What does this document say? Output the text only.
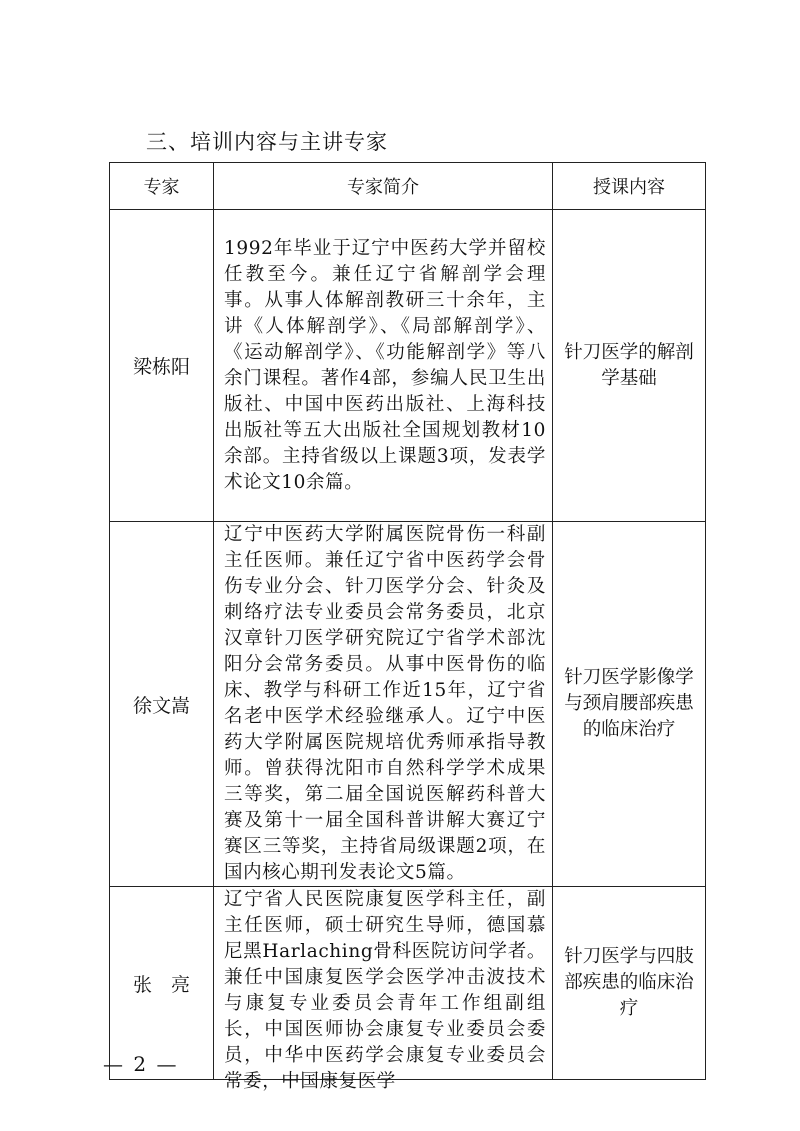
三、培训内容与主讲专家
专家	专家简介	授课内容
梁栋阳	1992年毕业于辽宁中医药大学并留校任教至今。兼任辽宁省解剖学会理事。从事人体解剖教研三十余年，主讲《人体解剖学》、《局部解剖学》、《运动解剖学》、《功能解剖学》等八余门课程。著作4部，参编人民卫生出版社、中国中医药出版社、上海科技出版社等五大出版社全国规划教材10余部。主持省级以上课题3项，发表学术论文10余篇。	针刀医学的解剖学基础
徐文嵩	辽宁中医药大学附属医院骨伤一科副主任医师。兼任辽宁省中医药学会骨伤专业分会、针刀医学分会、针灸及刺络疗法专业委员会常务委员，北京汉章针刀医学研究院辽宁省学术部沈阳分会常务委员。从事中医骨伤的临床、教学与科研工作近15年，辽宁省名老中医学术经验继承人。辽宁中医药大学附属医院规培优秀师承指导教师。曾获得沈阳市自然科学学术成果三等奖，第二届全国说医解药科普大赛及第十一届全国科普讲解大赛辽宁赛区三等奖，主持省局级课题2项，在国内核心期刊发表论文5篇。	针刀医学影像学与颈肩腰部疾患的临床治疗
张　亮	辽宁省人民医院康复医学科主任，副主任医师，硕士研究生导师，德国慕尼黑Harlaching骨科医院访问学者。兼任中国康复医学会医学冲击波技术与康复专业委员会青年工作组副组长，中国医师协会康复专业委员会委员，中华中医药学会康复专业委员会常委，中国康复医学	针刀医学与四肢部疾患的临床治疗
— 2 —
